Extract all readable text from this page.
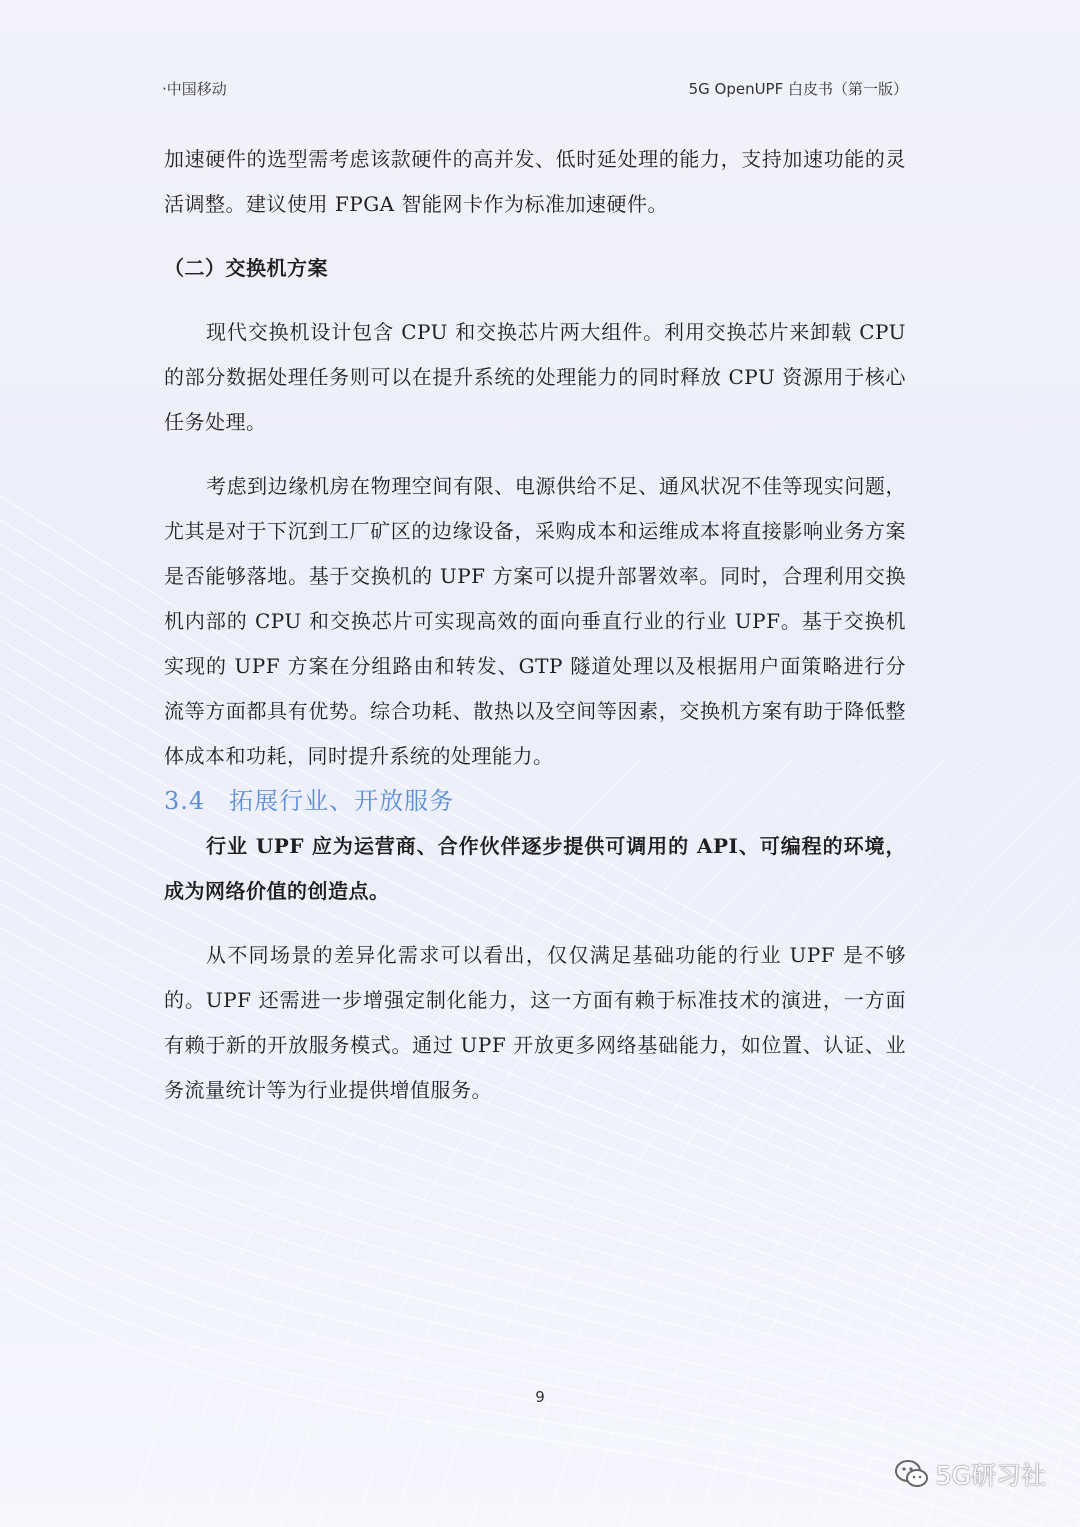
·中国移动	5G OpenUPF 白皮书（第一版）

加速硬件的选型需考虑该款硬件的高并发、低时延处理的能力，支持加速功能的灵活调整。建议使用 FPGA 智能网卡作为标准加速硬件。

（二）交换机方案

现代交换机设计包含 CPU 和交换芯片两大组件。利用交换芯片来卸载 CPU 的部分数据处理任务则可以在提升系统的处理能力的同时释放 CPU 资源用于核心任务处理。

考虑到边缘机房在物理空间有限、电源供给不足、通风状况不佳等现实问题，尤其是对于下沉到工厂矿区的边缘设备，采购成本和运维成本将直接影响业务方案是否能够落地。基于交换机的 UPF 方案可以提升部署效率。同时，合理利用交换机内部的 CPU 和交换芯片可实现高效的面向垂直行业的行业 UPF。基于交换机实现的 UPF 方案在分组路由和转发、GTP 隧道处理以及根据用户面策略进行分流等方面都具有优势。综合功耗、散热以及空间等因素，交换机方案有助于降低整体成本和功耗，同时提升系统的处理能力。

3.4 拓展行业、开放服务

行业 UPF 应为运营商、合作伙伴逐步提供可调用的 API、可编程的环境，成为网络价值的创造点。

从不同场景的差异化需求可以看出，仅仅满足基础功能的行业 UPF 是不够的。UPF 还需进一步增强定制化能力，这一方面有赖于标准技术的演进，一方面有赖于新的开放服务模式。通过 UPF 开放更多网络基础能力，如位置、认证、业务流量统计等为行业提供增值服务。

9
5G研习社
